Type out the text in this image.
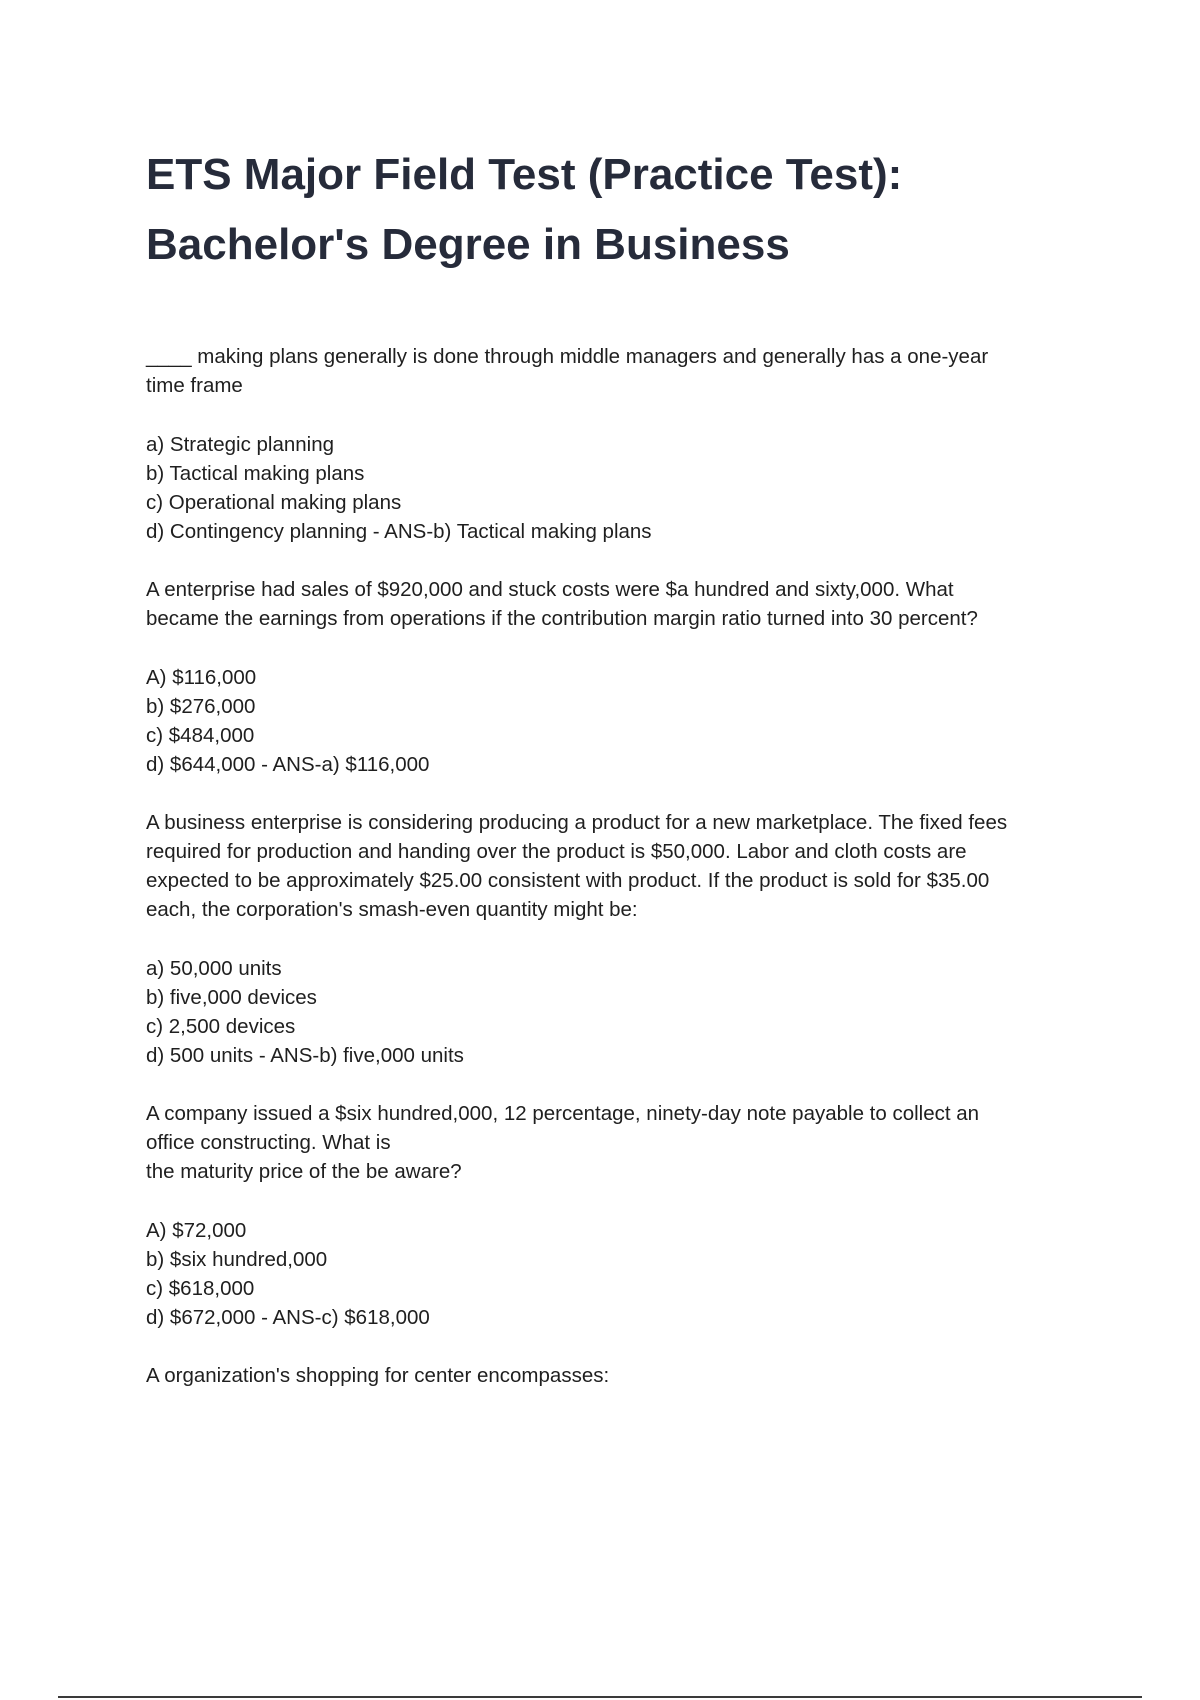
ETS Major Field Test (Practice Test):
Bachelor's Degree in Business

____ making plans generally is done through middle managers and generally has a one-year
time frame

a) Strategic planning
b) Tactical making plans
c) Operational making plans
d) Contingency planning - ANS-b) Tactical making plans

A enterprise had sales of $920,000 and stuck costs were $a hundred and sixty,000. What
became the earnings from operations if the contribution margin ratio turned into 30 percent?

A) $116,000
b) $276,000
c) $484,000
d) $644,000 - ANS-a) $116,000

A business enterprise is considering producing a product for a new marketplace. The fixed fees
required for production and handing over the product is $50,000. Labor and cloth costs are
expected to be approximately $25.00 consistent with product. If the product is sold for $35.00
each, the corporation's smash-even quantity might be:

a) 50,000 units
b) five,000 devices
c) 2,500 devices
d) 500 units - ANS-b) five,000 units

A company issued a $six hundred,000, 12 percentage, ninety-day note payable to collect an
office constructing. What is
the maturity price of the be aware?

A) $72,000
b) $six hundred,000
c) $618,000
d) $672,000 - ANS-c) $618,000

A organization's shopping for center encompasses:
